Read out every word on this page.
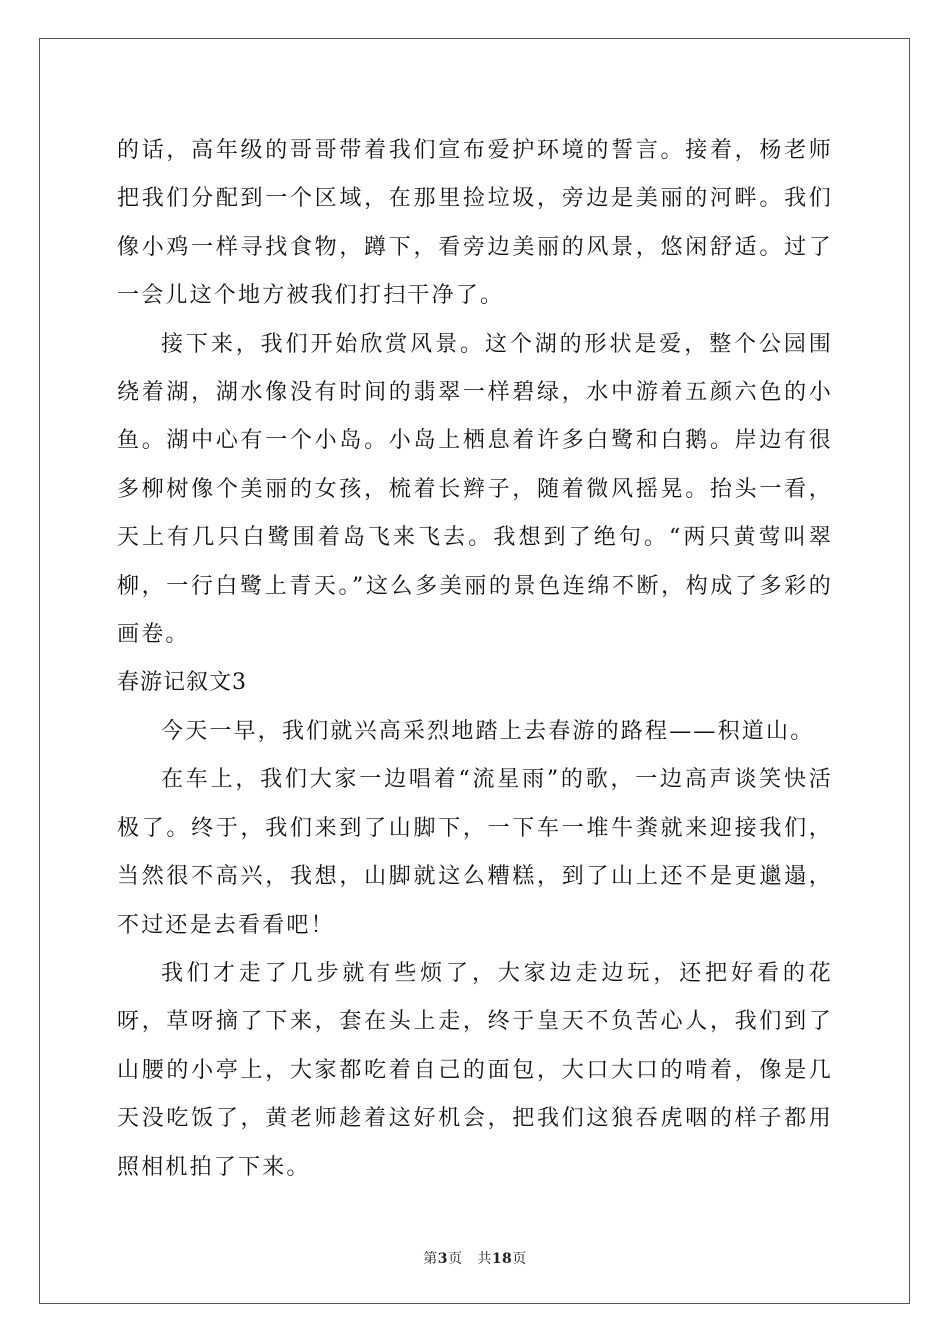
的话，高年级的哥哥带着我们宣布爱护环境的誓言。接着，杨老师把我们分配到一个区域，在那里捡垃圾，旁边是美丽的河畔。我们像小鸡一样寻找食物，蹲下，看旁边美丽的风景，悠闲舒适。过了一会儿这个地方被我们打扫干净了。

接下来，我们开始欣赏风景。这个湖的形状是爱，整个公园围绕着湖，湖水像没有时间的翡翠一样碧绿，水中游着五颜六色的小鱼。湖中心有一个小岛。小岛上栖息着许多白鹭和白鹅。岸边有很多柳树像个美丽的女孩，梳着长辫子，随着微风摇晃。抬头一看，天上有几只白鹭围着岛飞来飞去。我想到了绝句。“两只黄莺叫翠柳，一行白鹭上青天。”这么多美丽的景色连绵不断，构成了多彩的画卷。

春游记叙文3

今天一早，我们就兴高采烈地踏上去春游的路程——积道山。

在车上，我们大家一边唱着“流星雨”的歌，一边高声谈笑快活极了。终于，我们来到了山脚下，一下车一堆牛粪就来迎接我们，当然很不高兴，我想，山脚就这么糟糕，到了山上还不是更邋遢，不过还是去看看吧！

我们才走了几步就有些烦了，大家边走边玩，还把好看的花呀，草呀摘了下来，套在头上走，终于皇天不负苦心人，我们到了山腰的小亭上，大家都吃着自己的面包，大口大口的啃着，像是几天没吃饭了，黄老师趁着这好机会，把我们这狼吞虎咽的样子都用照相机拍了下来。

第3页 共18页
